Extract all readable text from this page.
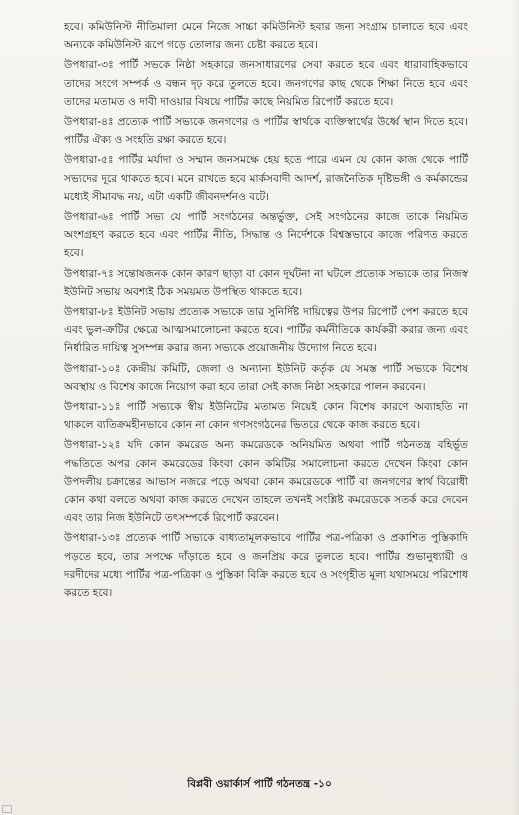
হবে। কমিউনিস্ট নীতিমালা মেনে নিজে সাচ্চা কমিউনিস্ট হবার জন্য সংগ্রাম চালাতে হবে এবং অন্যকে কমিউনিস্ট রূপে গড়ে তোলার জন্য চেষ্টা করতে হবে।

উপধারা-৩ঃ পার্টি সভকে নিষ্ঠা সহকারে জনসাধারণের সেবা করতে হবে এবং ধারাবাহিকভাবে তাদের সংগে সম্পর্ক ও বন্ধন দৃঢ় করে তুলতে হবে। জনগণের কাছ থেকে শিক্ষা নিতে হবে এবং তাদের মতামত ও দাবী দাওয়ার বিষয়ে পার্টির কাছে নিয়মিত রিপোর্ট করতে হবে।

উপধারা-৪ঃ প্রত্যেক পার্টি সভ্যকে জনগণের ও পার্টির স্বার্থকে ব্যক্তিস্বার্থের উর্ধ্বে স্থান দিতে হবে। পার্টির ঐক্য ও সংহতি রক্ষা করতে হবে।

উপধারা-৫ঃ পার্টির মর্যাদা ও সম্মান জনসমক্ষে হেয় হতে পারে এমন যে কোন কাজ থেকে পার্টি সভ্যদের দূরে থাকতে হবে। মনে রাখতে হবে মার্কসবাদী আদর্শ, রাজনৈতিক দৃষ্টিভঙ্গী ও কর্মকান্ডের মধ্যেই সীমাবদ্ধ নয়, এটা একটি জীবনদর্শনও বটে।

উপধারা-৬ঃ পার্টি সভ্য যে পার্টি সংগঠনের অন্তর্ভুক্ত, সেই সংগঠনের কাজে তাকে নিয়মিত অংশগ্রহণ করতে হবে এবং পার্টির নীতি, সিদ্ধান্ত ও নির্দেশকে বিশ্বস্তভাবে কাজে পরিণত করতে হবে।

উপধারা-৭ঃ সন্তোষজনক কোন কারণ ছাড়া বা কোন দূর্ঘটনা না ঘটলে প্রত্যেক সভ্যকে তার নিজস্ব ইউনিট সভায় অবশ্যই ঠিক সময়মত উপস্থিত থাকতে হবে।

উপধারা-৮ঃ ইউনিট সভায় প্রত্যেক সভ্যকে তার সুনির্দিষ্ট দায়িত্বের উপর রিপোর্ট পেশ করতে হবে এবং ভুল-ক্রটির ক্ষেত্রে আত্মসমালোচনা করতে হবে। পার্টির কর্মনীতিকে কার্যকরী করার জন্য এবং নির্ধারিত দায়িত্ব সুসম্পন্ন করার জন্য সভ্যকে প্রয়োজনীয় উদ্যোগ নিতে হবে।

উপধারা-১০ঃ কেন্দ্রীয় কমিটি, জেলা ও অন্যান্য ইউনিট কর্তৃক যে সমস্ত পার্টি সভ্যকে বিশেষ অবস্থায় ও বিশেষ কাজে নিয়োগ করা হবে তারা সেই কাজ নিষ্ঠা সহকারে পালন করবেন।

উপধারা-১১ঃ পার্টি সভ্যকে স্বীয় ইউনিটের মতামত নিয়েই কোন বিশেষ কারণে অব্যাহতি না থাকলে ব্যতিক্রমহীনভাবে কোন না কোন গণসংগঠনের ভিতরে থেকে কাজ করতে হবে।

উপধারা-১২ঃ যদি কোন কমরেড অন্য কমরেডকে অনিয়মিত অথবা পার্টি গঠনতন্ত্র বহির্ভূত পদ্ধতিতে অপর কোন কমরেডের কিংবা কোন কমিটির সমালোচনা করতে দেখেন কিংবা কোন উপদলীয় চক্রান্তের আভাস নজরে পড়ে অথবা কোন কমরেডকে পার্টি বা জনগণের স্বার্থ বিরোধী কোন কথা বলতে অথবা কাজ করতে দেখেন তাহলে তখনই সংশ্লিষ্ট কমরেডকে সতর্ক করে দেবেন এবং তার নিজ ইউনিটে তৎসম্পর্কে রিপোর্ট করবেন।

উপধারা-১৩ঃ প্রত্যেক পার্টি সভ্যকে বাধ্যতামূলকভাবে পার্টির পত্র-পত্রিকা ও প্রকাশিত পুস্তিকাদি পড়তে হবে, তার সপক্ষে দাঁড়াতে হবে ও জনপ্রিয় করে তুলতে হবে। পার্টির শুভানুধ্যায়ী ও দরদীদের মধ্যে পার্টির পত্র-পত্রিকা ও পুস্তিকা বিক্রি করতে হবে ও সংগৃহীত মূল্য যথাসময়ে পরিশোধ করতে হবে।

বিপ্লবী ওয়ার্কার্স পার্টি গঠনতন্ত্র -১০
